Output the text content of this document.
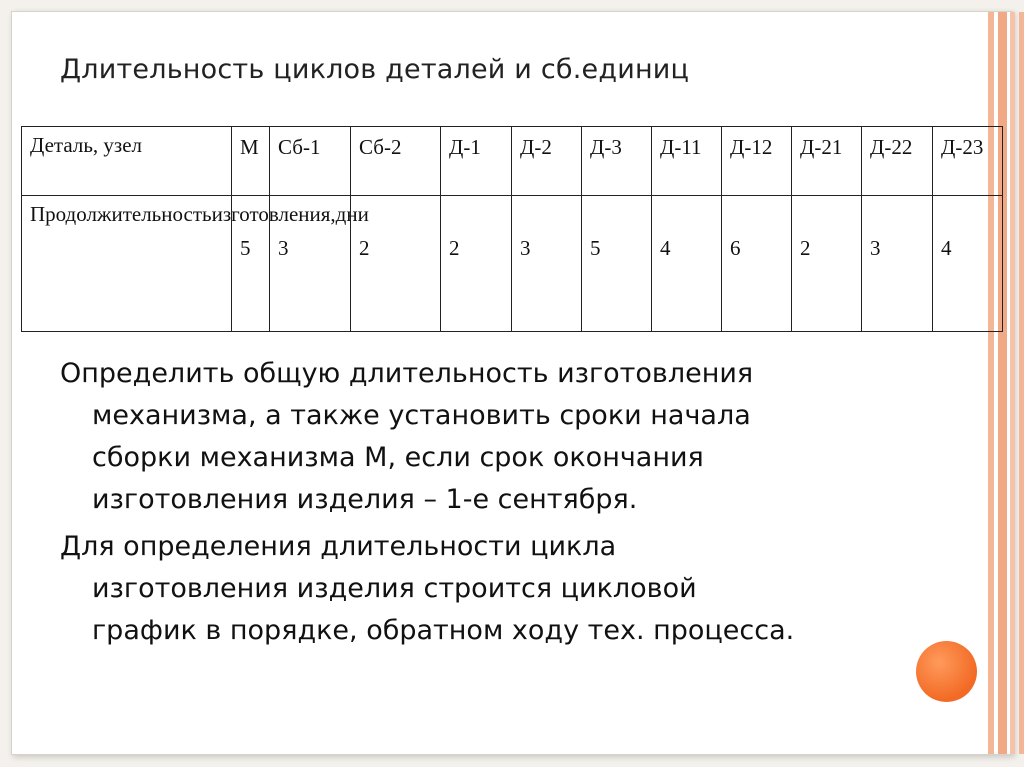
Длительность циклов деталей и сб.единиц
Деталь, узел	М	Сб-1	Сб-2	Д-1	Д-2	Д-3	Д-11	Д-12	Д-21	Д-22	Д-23
Продолжительностьизготовления,дни	5	3	2	2	3	5	4	6	2	3	4

Определить общую длительность изготовления
механизма, а также установить сроки начала
сборки механизма М, если срок окончания
изготовления изделия – 1-е сентября.

Для определения длительности цикла
изготовления изделия строится цикловой
график в порядке, обратном ходу тех. процесса.
